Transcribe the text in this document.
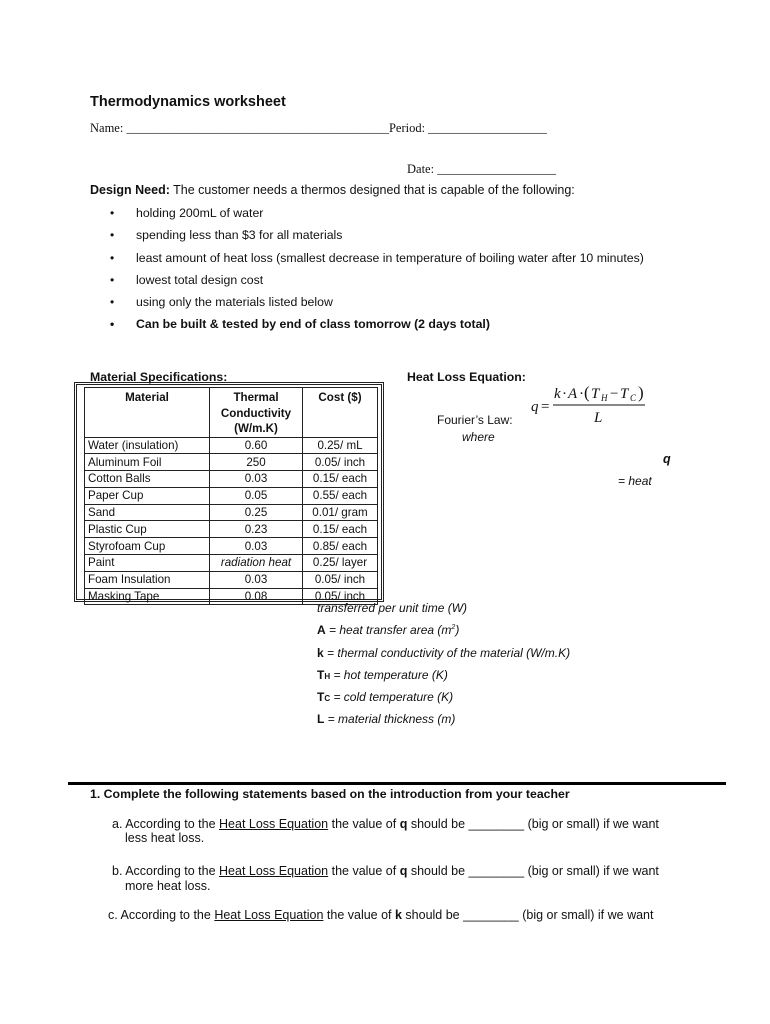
Thermodynamics worksheet
Name: __________________________________________Period: ___________________
Date: ___________________
Design Need: The customer needs a thermos designed that is capable of the following:
• holding 200mL of water
• spending less than $3 for all materials
• least amount of heat loss (smallest decrease in temperature of boiling water after 10 minutes)
• lowest total design cost
• using only the materials listed below
• Can be built & tested by end of class tomorrow (2 days total)
Material Specifications:
Material	Thermal Conductivity (W/m.K)	Cost ($)
Water (insulation)	0.60	0.25/ mL
Aluminum Foil	250	0.05/ inch
Cotton Balls	0.03	0.15/ each
Paper Cup	0.05	0.55/ each
Sand	0.25	0.01/ gram
Plastic Cup	0.23	0.15/ each
Styrofoam Cup	0.03	0.85/ each
Paint	radiation heat	0.25/ layer
Foam Insulation	0.03	0.05/ inch
Masking Tape	0.08	0.05/ inch
Heat Loss Equation:
Fourier’s Law:
where
q =
k · A · ( T H − T C )
L
q
= heat
transferred per unit time (W)
A = heat transfer area $(m^2)$
k = thermal conductivity of the material (W/m.K)
TH = hot temperature (K)
TC = cold temperature (K)
L = material thickness (m)
1. Complete the following statements based on the introduction from your teacher
a. According to the Heat Loss Equation the value of q should be ________ (big or small) if we want
less heat loss.
b. According to the Heat Loss Equation the value of q should be ________ (big or small) if we want
more heat loss.
c. According to the Heat Loss Equation the value of k should be ________ (big or small) if we want
